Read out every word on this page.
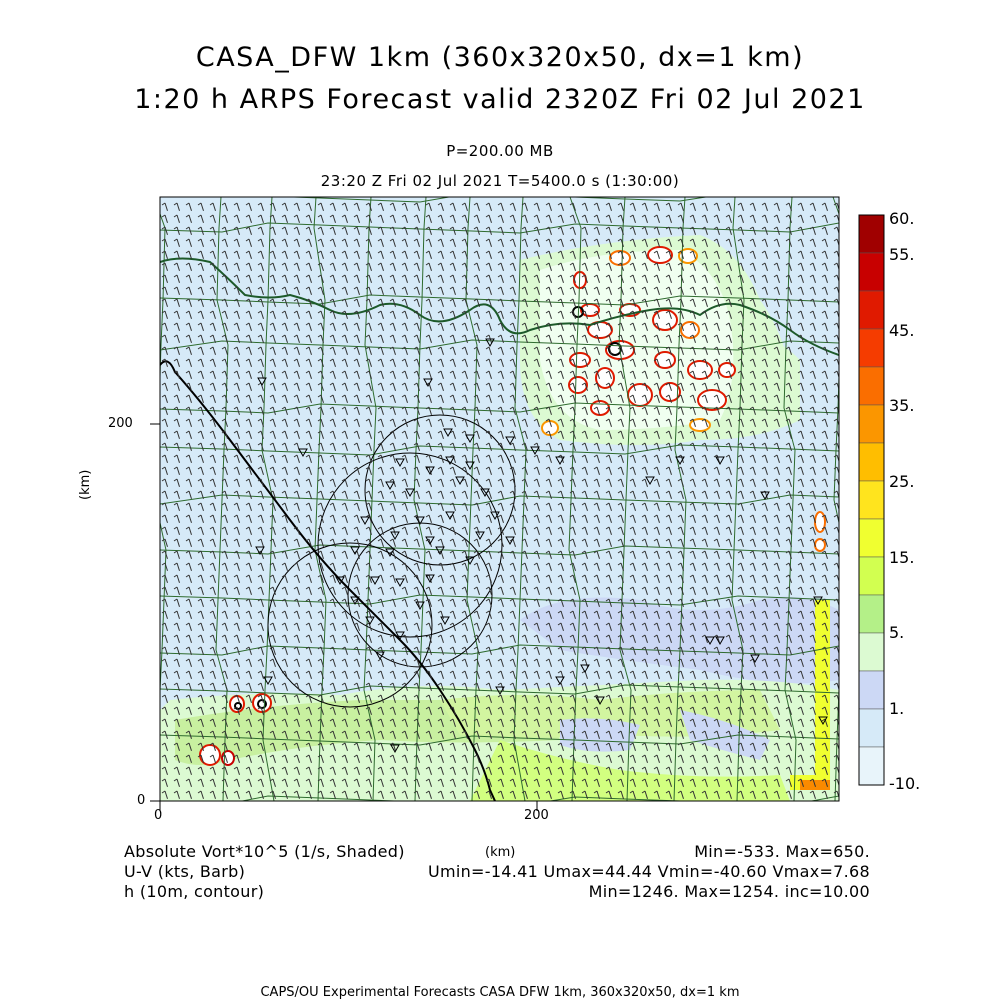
CASA_DFW 1km (360x320x50, dx=1 km)
1:20 h ARPS Forecast valid 2320Z Fri 02 Jul 2021
P=200.00 MB
23:20 Z Fri 02 Jul 2021 T=5400.0 s (1:30:00)
200
0
0	200
(km)
(km)
60.
55.
45.
35.
25.
15.
5.
1.
-10.
Absolute Vort*10^5 (1/s, Shaded)
U-V (kts, Barb)
h (10m, contour)
Min=-533. Max=650.
Umin=-14.41 Umax=44.44 Vmin=-40.60 Vmax=7.68
Min=1246. Max=1254. inc=10.00
CAPS/OU Experimental Forecasts CASA DFW 1km, 360x320x50, dx=1 km
